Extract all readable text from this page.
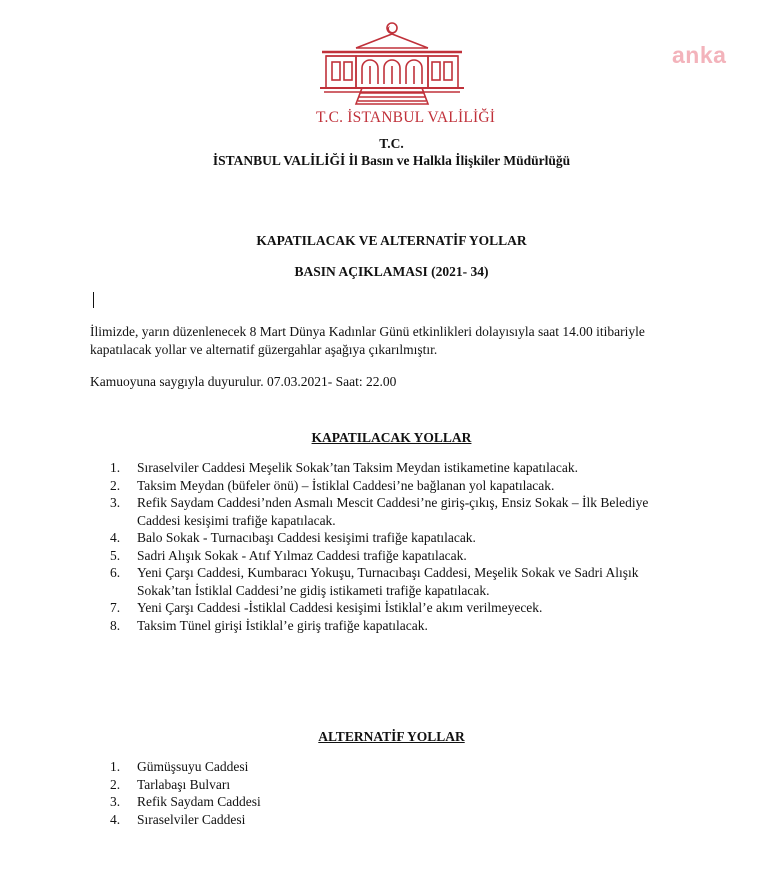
anka
T.C. İSTANBUL VALİLİĞİ
T.C.
İSTANBUL VALİLİĞİ İl Basın ve Halkla İlişkiler Müdürlüğü
KAPATILACAK VE ALTERNATİF YOLLAR
BASIN AÇIKLAMASI (2021- 34)
İlimizde, yarın düzenlenecek 8 Mart Dünya Kadınlar Günü etkinlikleri dolayısıyla saat 14.00 itibariyle
kapatılacak yollar ve alternatif güzergahlar aşağıya çıkarılmıştır.
Kamuoyuna saygıyla duyurulur. 07.03.2021- Saat: 22.00
KAPATILACAK YOLLAR
1. Sıraselviler Caddesi Meşelik Sokak’tan Taksim Meydan istikametine kapatılacak.
2. Taksim Meydan (büfeler önü) – İstiklal Caddesi’ne bağlanan yol kapatılacak.
3. Refik Saydam Caddesi’nden Asmalı Mescit Caddesi’ne giriş-çıkış, Ensiz Sokak – İlk Belediye
Caddesi kesişimi trafiğe kapatılacak.
4. Balo Sokak - Turnacıbaşı Caddesi kesişimi trafiğe kapatılacak.
5. Sadri Alışık Sokak - Atıf Yılmaz Caddesi trafiğe kapatılacak.
6. Yeni Çarşı Caddesi, Kumbaracı Yokuşu, Turnacıbaşı Caddesi, Meşelik Sokak ve Sadri Alışık
Sokak’tan İstiklal Caddesi’ne gidiş istikameti trafiğe kapatılacak.
7. Yeni Çarşı Caddesi -İstiklal Caddesi kesişimi İstiklal’e akım verilmeyecek.
8. Taksim Tünel girişi İstiklal’e giriş trafiğe kapatılacak.
ALTERNATİF YOLLAR
1. Gümüşsuyu Caddesi
2. Tarlabaşı Bulvarı
3. Refik Saydam Caddesi
4. Sıraselviler Caddesi
